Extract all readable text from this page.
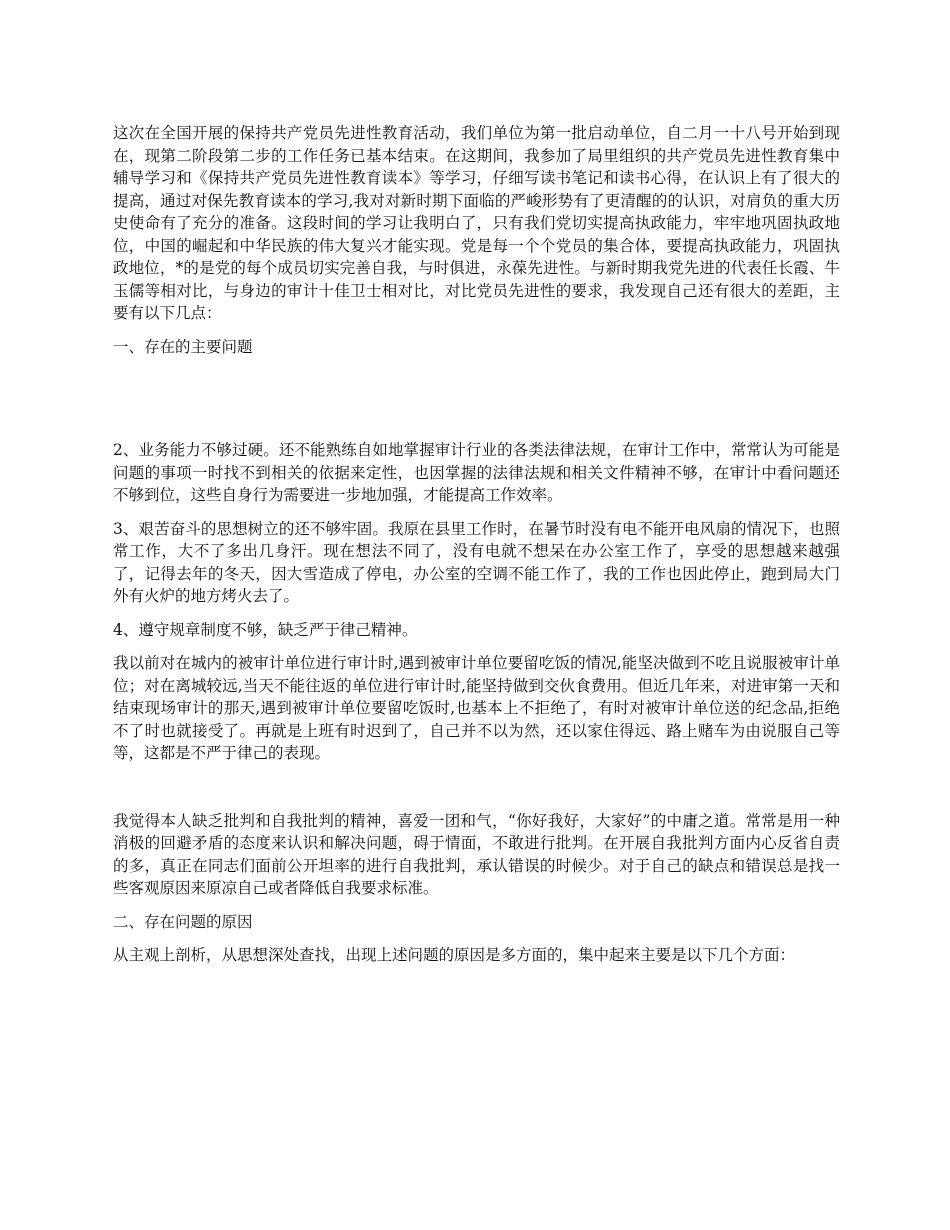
这次在全国开展的保持共产党员先进性教育活动，我们单位为第一批启动单位，自二月一十八号开始到现在，现第二阶段第二步的工作任务已基本结束。在这期间，我参加了局里组织的共产党员先进性教育集中辅导学习和《保持共产党员先进性教育读本》等学习，仔细写读书笔记和读书心得，在认识上有了很大的提高，通过对保先教育读本的学习,我对对新时期下面临的严峻形势有了更清醒的的认识，对肩负的重大历史使命有了充分的准备。这段时间的学习让我明白了，只有我们党切实提高执政能力，牢牢地巩固执政地位，中国的崛起和中华民族的伟大复兴才能实现。党是每一个个党员的集合体，要提高执政能力，巩固执政地位，*的是党的每个成员切实完善自我，与时俱进，永葆先进性。与新时期我党先进的代表任长霞、牛玉儒等相对比，与身边的审计十佳卫士相对比，对比党员先进性的要求，我发现自己还有很大的差距，主要有以下几点：

一、存在的主要问题

2、业务能力不够过硬。还不能熟练自如地掌握审计行业的各类法律法规，在审计工作中，常常认为可能是问题的事项一时找不到相关的依据来定性，也因掌握的法律法规和相关文件精神不够，在审计中看问题还不够到位，这些自身行为需要进一步地加强，才能提高工作效率。

3、艰苦奋斗的思想树立的还不够牢固。我原在县里工作时，在暑节时没有电不能开电风扇的情况下，也照常工作，大不了多出几身汗。现在想法不同了，没有电就不想呆在办公室工作了，享受的思想越来越强了，记得去年的冬天，因大雪造成了停电，办公室的空调不能工作了，我的工作也因此停止，跑到局大门外有火炉的地方烤火去了。

4、遵守规章制度不够，缺乏严于律己精神。

我以前对在城内的被审计单位进行审计时,遇到被审计单位要留吃饭的情况,能坚决做到不吃且说服被审计单位；对在离城较远,当天不能往返的单位进行审计时,能坚持做到交伙食费用。但近几年来，对进审第一天和结束现场审计的那天,遇到被审计单位要留吃饭时,也基本上不拒绝了，有时对被审计单位送的纪念品,拒绝不了时也就接受了。再就是上班有时迟到了，自己并不以为然，还以家住得远、路上赌车为由说服自己等等，这都是不严于律己的表现。

我觉得本人缺乏批判和自我批判的精神，喜爱一团和气，“你好我好，大家好”的中庸之道。常常是用一种消极的回避矛盾的态度来认识和解决问题，碍于情面，不敢进行批判。在开展自我批判方面内心反省自责的多，真正在同志们面前公开坦率的进行自我批判，承认错误的时候少。对于自己的缺点和错误总是找一些客观原因来原凉自己或者降低自我要求标准。

二、存在问题的原因

从主观上剖析，从思想深处查找，出现上述问题的原因是多方面的，集中起来主要是以下几个方面：
